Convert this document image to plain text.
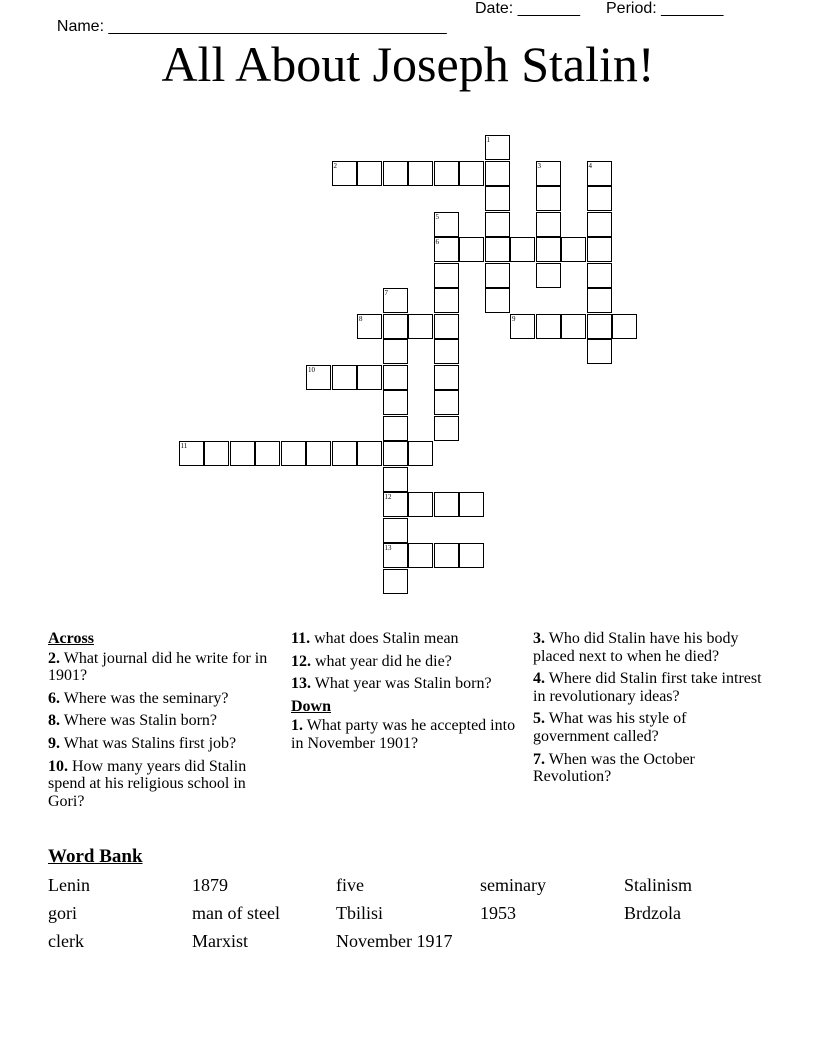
Name: ______________________________________

Date: _______

Period: _______

All About Joseph Stalin!
1
2	3	4
5
6
7
8	9
10
11
12
13
Across
2. What journal did he write for in 1901?
6. Where was the seminary?
8. Where was Stalin born?
9. What was Stalins first job?
10. How many years did Stalin spend at his religious school in Gori?
11. what does Stalin mean
12. what year did he die?
13. What year was Stalin born?
Down
1. What party was he accepted into in November 1901?
3. Who did Stalin have his body placed next to when he died?
4. Where did Stalin first take intrest in revolutionary ideas?
5. What was his style of government called?
7. When was the October Revolution?
Word Bank
Lenin	1879	five	seminary	Stalinism
gori	man of steel	Tbilisi	1953	Brdzola
clerk	Marxist	November 1917
